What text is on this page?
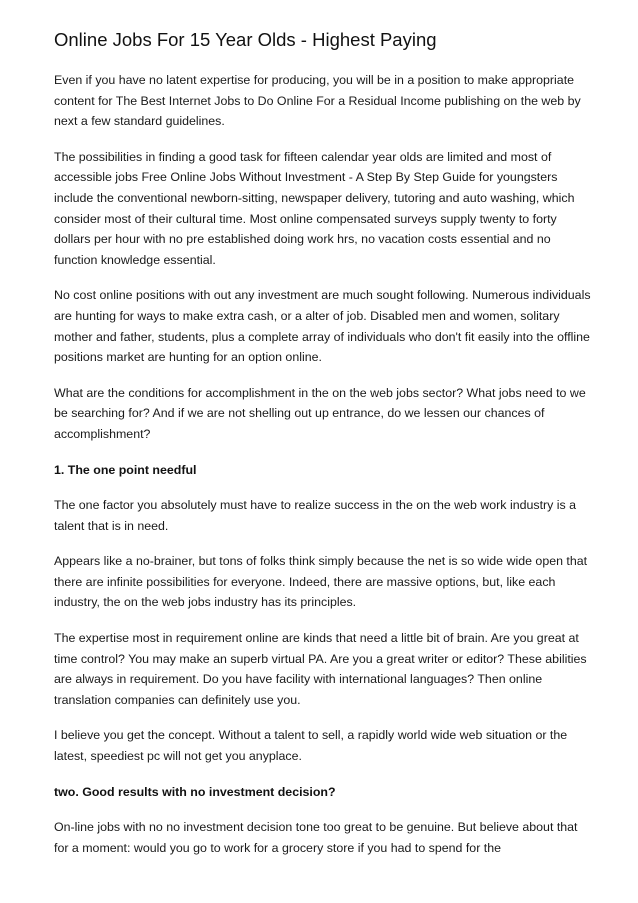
Online Jobs For 15 Year Olds - Highest Paying

Even if you have no latent expertise for producing, you will be in a position to make appropriate content for The Best Internet Jobs to Do Online For a Residual Income publishing on the web by next a few standard guidelines.

The possibilities in finding a good task for fifteen calendar year olds are limited and most of accessible jobs Free Online Jobs Without Investment - A Step By Step Guide for youngsters include the conventional newborn-sitting, newspaper delivery, tutoring and auto washing, which consider most of their cultural time. Most online compensated surveys supply twenty to forty dollars per hour with no pre established doing work hrs, no vacation costs essential and no function knowledge essential.

No cost online positions with out any investment are much sought following. Numerous individuals are hunting for ways to make extra cash, or a alter of job. Disabled men and women, solitary mother and father, students, plus a complete array of individuals who don't fit easily into the offline positions market are hunting for an option online.

What are the conditions for accomplishment in the on the web jobs sector? What jobs need to we be searching for? And if we are not shelling out up entrance, do we lessen our chances of accomplishment?

1. The one point needful

The one factor you absolutely must have to realize success in the on the web work industry is a talent that is in need.

Appears like a no-brainer, but tons of folks think simply because the net is so wide wide open that there are infinite possibilities for everyone. Indeed, there are massive options, but, like each industry, the on the web jobs industry has its principles.

The expertise most in requirement online are kinds that need a little bit of brain. Are you great at time control? You may make an superb virtual PA. Are you a great writer or editor? These abilities are always in requirement. Do you have facility with international languages? Then online translation companies can definitely use you.

I believe you get the concept. Without a talent to sell, a rapidly world wide web situation or the latest, speediest pc will not get you anyplace.

two. Good results with no investment decision?

On-line jobs with no no investment decision tone too great to be genuine. But believe about that for a moment: would you go to work for a grocery store if you had to spend for the
